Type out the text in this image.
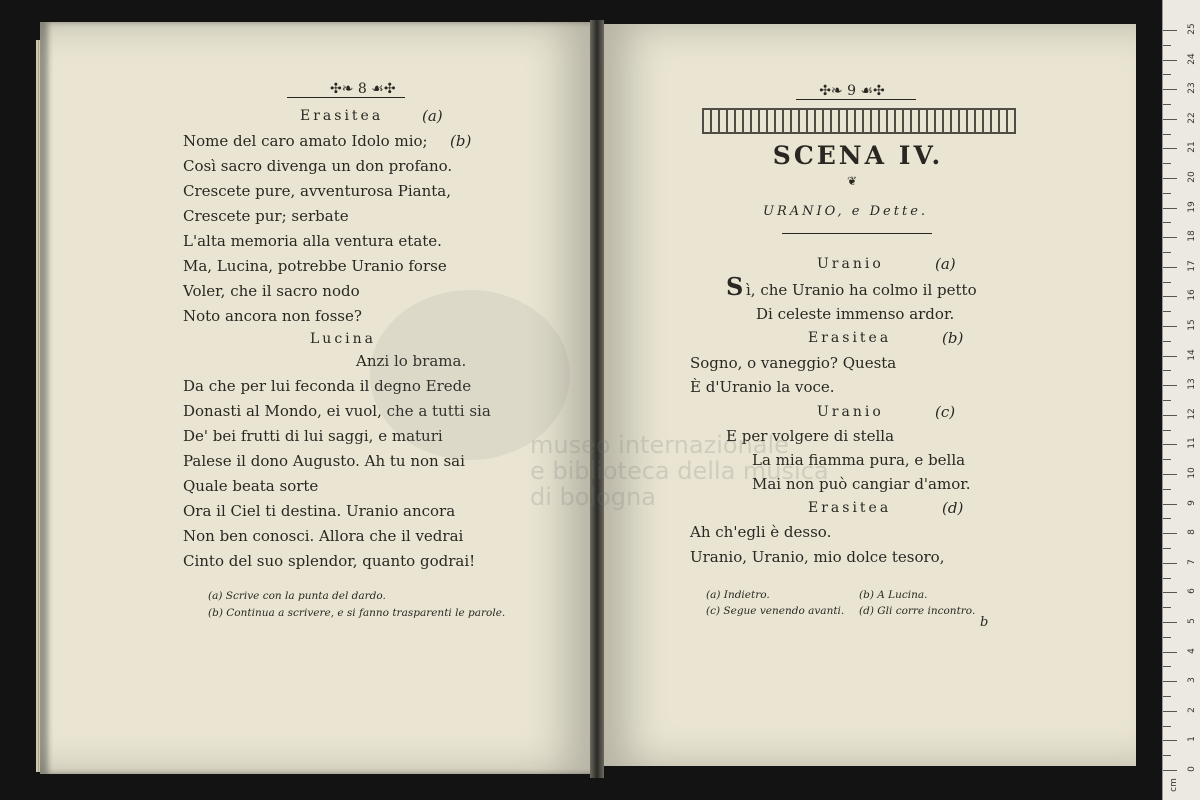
✣❧ 8 ☙✣
Erasitea	(a)
Nome del caro amato Idolo mio; (b)
Così sacro divenga un don profano.
Crescete pure, avventurosa Pianta,
Crescete pur; serbate
L'alta memoria alla ventura etate.
Ma, Lucina, potrebbe Uranio forse
Voler, che il sacro nodo
Noto ancora non fosse?
Lucina
Anzi lo brama.
Da che per lui feconda il degno Erede
Donasti al Mondo, ei vuol, che a tutti sia
De' bei frutti di lui saggi, e maturi
Palese il dono Augusto. Ah tu non sai
Quale beata sorte
Ora il Ciel ti destina. Uranio ancora
Non ben conosci. Allora che il vedrai
Cinto del suo splendor, quanto godrai!
(a) Scrive con la punta del dardo.
(b) Continua a scrivere, e si fanno trasparenti le parole.
museo internazionale
e biblioteca della musica
di bologna
✣❧ 9 ☙✣
SCENA IV.
❦
URANIO, e Dette.
Uranio	(a)
S ì, che Uranio ha colmo il petto
Di celeste immenso ardor.
Erasitea	(b)
Sogno, o vaneggio? Questa
È d'Uranio la voce.
Uranio	(c)
E per volgere di stella
La mia fiamma pura, e bella
Mai non può cangiar d'amor.
Erasitea	(d)
Ah ch'egli è desso.
Uranio, Uranio, mio dolce tesoro,
(a) Indietro.	(b) A Lucina.
(c) Segue venendo avanti. (d) Gli corre incontro.
b
0
1
2
3
4
5
6
7
8
9
10
11
12
13
14
15
16
17
18
19
20
21
22
23
24
25
cm
